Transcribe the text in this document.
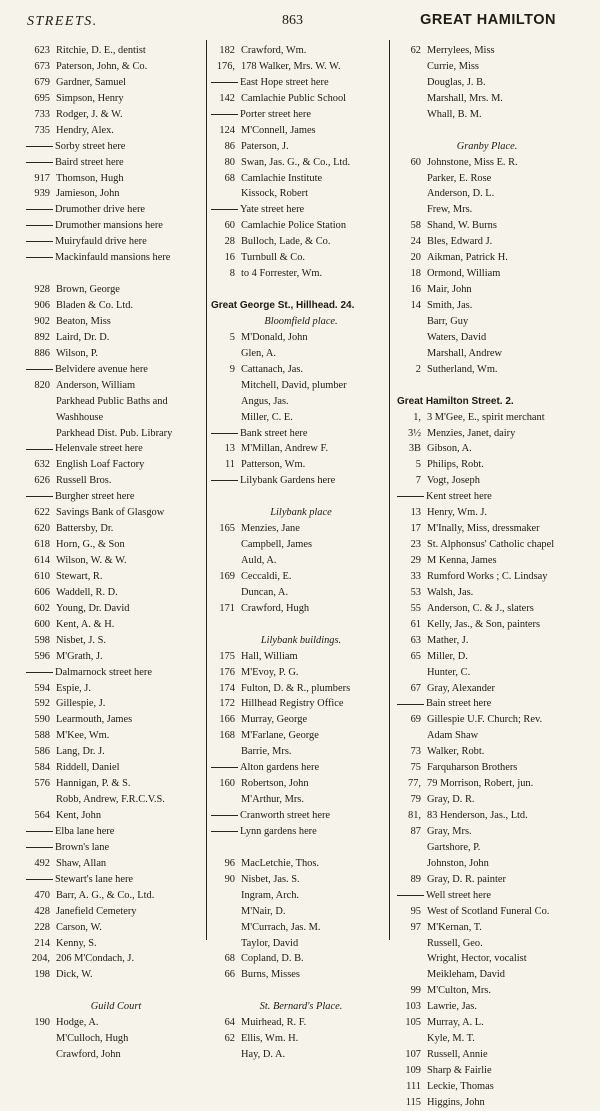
STREETS.	863	GREAT HAMILTON
623 Ritchie, D. E., dentist
673 Paterson, John, & Co.
679 Gardner, Samuel
695 Simpson, Henry
733 Rodger, J. & W.
735 Hendry, Alex.
Sorby street here
Baird street here
917 Thomson, Hugh
939 Jamieson, John
Drumother drive here
Drumother mansions here
Muiryfauld drive here
Mackinfauld mansions here
928 Brown, George
906 Bladen & Co. Ltd.
902 Beaton, Miss
892 Laird, Dr. D.
886 Wilson, P.
Belvidere avenue here
820 Anderson, William
Parkhead Public Baths and
Washhouse
Parkhead Dist. Pub. Library
Helenvale street here
632 English Loaf Factory
626 Russell Bros.
Burgher street here
622 Savings Bank of Glasgow
620 Battersby, Dr.
618 Horn, G., & Son
614 Wilson, W. & W.
610 Stewart, R.
606 Waddell, R. D.
602 Young, Dr. David
600 Kent, A. & H.
598 Nisbet, J. S.
596 M'Grath, J.
Dalmarnock street here
594 Espie, J.
592 Gillespie, J.
590 Learmouth, James
588 M'Kee, Wm.
586 Lang, Dr. J.
584 Riddell, Daniel
576 Hannigan, P. & S.
Robb, Andrew, F.R.C.V.S.
564 Kent, John
Elba lane here
Brown's lane
492 Shaw, Allan
Stewart's lane here
470 Barr, A. G., & Co., Ltd.
428 Janefield Cemetery
228 Carson, W.
214 Kenny, S.
204, 206 M'Condach, J.
198 Dick, W.
Guild Court
190 Hodge, A.
M'Culloch, Hugh
Crawford, John
182 Crawford, Wm.
176, 178 Walker, Mrs. W. W.
East Hope street here
142 Camlachie Public School
Porter street here
124 M'Connell, James
86 Paterson, J.
80 Swan, Jas. G., & Co., Ltd.
68 Camlachie Institute
Kissock, Robert
Yate street here
60 Camlachie Police Station
28 Bulloch, Lade, & Co.
16 Turnbull & Co.
8 to 4 Forrester, Wm.
Great George St., Hillhead. 24.
Bloomfield place.
5 M'Donald, John
Glen, A.
9 Cattanach, Jas.
Mitchell, David, plumber
Angus, Jas.
Miller, C. E.
Bank street here
13 M'Millan, Andrew F.
11 Patterson, Wm.
Lilybank Gardens here
Lilybank place
165 Menzies, Jane
Campbell, James
Auld, A.
169 Ceccaldi, E.
Duncan, A.
171 Crawford, Hugh
Lilybank buildings.
175 Hall, William
176 M'Evoy, P. G.
174 Fulton, D. & R., plumbers
172 Hillhead Registry Office
166 Murray, George
168 M'Farlane, George
Barrie, Mrs.
Alton gardens here
160 Robertson, John
M'Arthur, Mrs.
Cranworth street here
Lynn gardens here
96 MacLetchie, Thos.
90 Nisbet, Jas. S.
Ingram, Arch.
M'Nair, D.
M'Currach, Jas. M.
Taylor, David
68 Copland, D. B.
66 Burns, Misses
St. Bernard's Place.
64 Muirhead, R. F.
62 Ellis, Wm. H.
Hay, D. A.
62 Merrylees, Miss
Currie, Miss
Douglas, J. B.
Marshall, Mrs. M.
Whall, B. M.
Granby Place.
60 Johnstone, Miss E. R.
Parker, E. Rose
Anderson, D. L.
Frew, Mrs.
58 Shand, W. Burns
24 Bles, Edward J.
20 Aikman, Patrick H.
18 Ormond, William
16 Mair, John
14 Smith, Jas.
Barr, Guy
Waters, David
Marshall, Andrew
2 Sutherland, Wm.
Great Hamilton Street. 2.
1, 3 M'Gee, E., spirit merchant
3½ Menzies, Janet, dairy
3B Gibson, A.
5 Philips, Robt.
7 Vogt, Joseph
Kent street here
13 Henry, Wm. J.
17 M'Inally, Miss, dressmaker
23 St. Alphonsus' Catholic chapel
29 M Kenna, James
33 Rumford Works ; C. Lindsay
53 Walsh, Jas.
55 Anderson, C. & J., slaters
61 Kelly, Jas., & Son, painters
63 Mather, J.
65 Miller, D.
Hunter, C.
67 Gray, Alexander
Bain street here
69 Gillespie U.F. Church; Rev.
Adam Shaw
73 Walker, Robt.
75 Farquharson Brothers
77, 79 Morrison, Robert, jun.
79 Gray, D. R.
81, 83 Henderson, Jas., Ltd.
87 Gray, Mrs.
Gartshore, P.
Johnston, John
89 Gray, D. R. painter
Well street here
95 West of Scotland Funeral Co.
97 M'Kernan, T.
Russell, Geo.
Wright, Hector, vocalist
Meikleham, David
99 M'Culton, Mrs.
103 Lawrie, Jas.
105 Murray, A. L.
Kyle, M. T.
107 Russell, Annie
109 Sharp & Fairlie
111 Leckie, Thomas
115 Higgins, John
